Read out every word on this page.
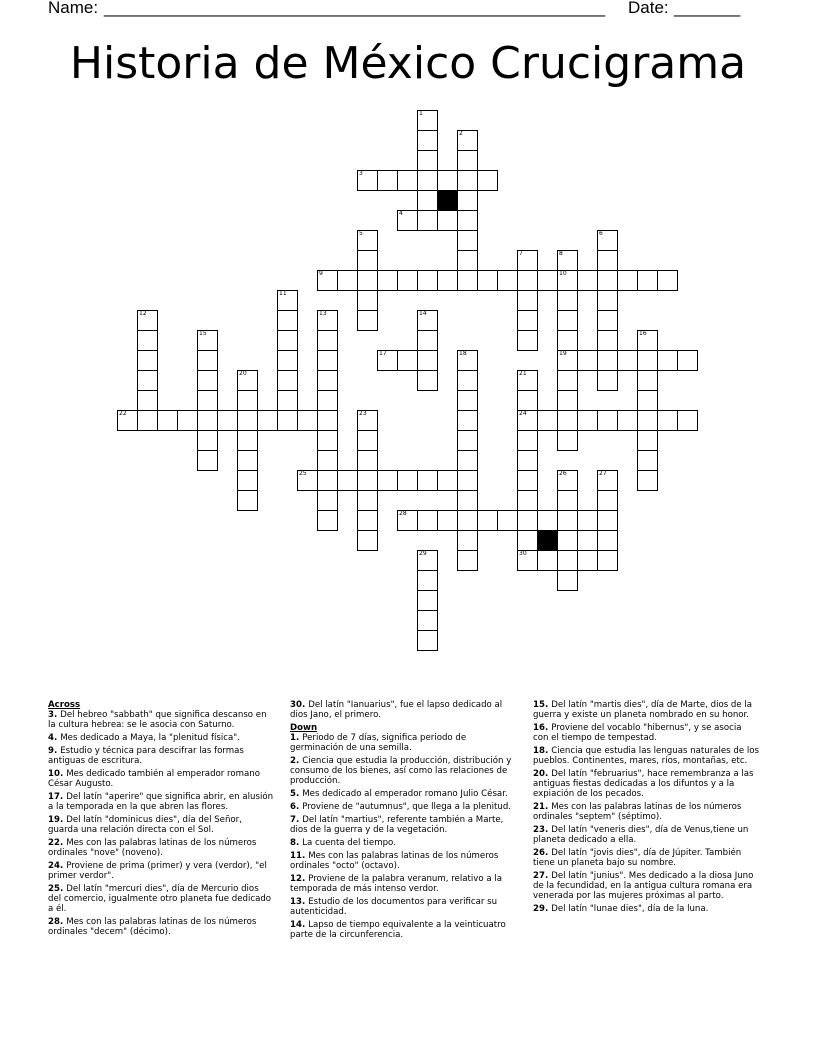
Name: _____________________________________________________ Date: _______
Historia de México Crucigrama
1
2
3
4
5	6
7	8
10
19
9
11
12	13	14
15	16
17	18
20	21
24
30
22	23
25	26	27
28
29
Across
3. Del hebreo "sabbath" que significa descanso en la cultura hebrea: se le asocia con Saturno.
4. Mes dedicado a Maya, la "plenitud física".
9. Estudio y técnica para descifrar las formas antiguas de escritura.
10. Mes dedicado también al emperador romano César Augusto.
17. Del latín "aperire" que significa abrir, en alusión a la temporada en la que abren las flores.
19. Del latín "dominicus dies", día del Señor, guarda una relación directa con el Sol.
22. Mes con las palabras latinas de los números ordinales "nove" (noveno).
24. Proviene de prima (primer) y vera (verdor), "el primer verdor".
25. Del latín "mercuri dies", día de Mercurio dios del comercio, igualmente otro planeta fue dedicado a él.
28. Mes con las palabras latinas de los números ordinales "decem" (décimo).
30. Del latín "Ianuarius", fue el lapso dedicado al dios Jano, el primero.
Down
1. Periodo de 7 días, significa periodo de germinación de una semilla.
2. Ciencia que estudia la producción, distribución y consumo de los bienes, así como las relaciones de producción.
5. Mes dedicado al emperador romano Julio César.
6. Proviene de "autumnus", que llega a la plenitud.
7. Del latín "martius", referente también a Marte, dios de la guerra y de la vegetación.
8. La cuenta del tiempo.
11. Mes con las palabras latinas de los números ordinales "octo" (octavo).
12. Proviene de la palabra veranum, relativo a la temporada de más intenso verdor.
13. Estudio de los documentos para verificar su autenticidad.
14. Lapso de tiempo equivalente a la veinticuatro parte de la circunferencia.
15. Del latín "martis dies", día de Marte, dios de la guerra y existe un planeta nombrado en su honor.
16. Proviene del vocablo "hibernus", y se asocia con el tiempo de tempestad.
18. Ciencia que estudia las lenguas naturales de los pueblos. Continentes, mares, ríos, montañas, etc.
20. Del latín "februarius", hace remembranza a las antiguas fiestas dedicadas a los difuntos y a la expiación de los pecados.
21. Mes con las palabras latinas de los números ordinales "septem" (séptimo).
23. Del latín "veneris dies", día de Venus,tiene un planeta dedicado a ella.
26. Del latín "jovis dies", día de Júpiter. También tiene un planeta bajo su nombre.
27. Del latín "junius". Mes dedicado a la diosa Juno de la fecundidad, en la antigua cultura romana era venerada por las mujeres próximas al parto.
29. Del latín "lunae dies", día de la luna.
